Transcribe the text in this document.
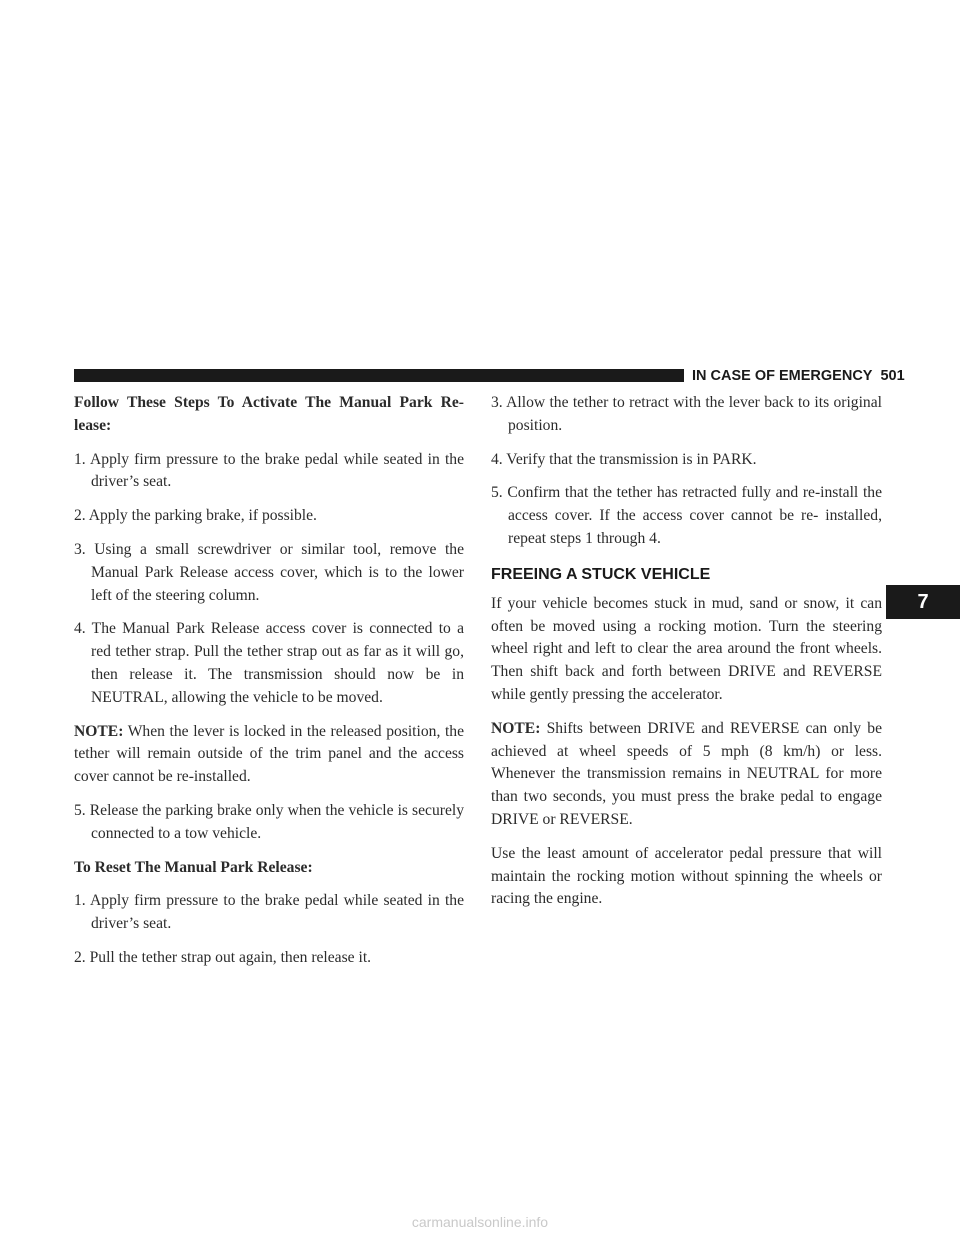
IN CASE OF EMERGENCY 501
7

Follow These Steps To Activate The Manual Park Re- lease:

1. Apply firm pressure to the brake pedal while seated in the driver’s seat.

2. Apply the parking brake, if possible.

3. Using a small screwdriver or similar tool, remove the Manual Park Release access cover, which is to the lower left of the steering column.

4. The Manual Park Release access cover is connected to a red tether strap. Pull the tether strap out as far as it will go, then release it. The transmission should now be in NEUTRAL, allowing the vehicle to be moved.

NOTE: When the lever is locked in the released position, the tether will remain outside of the trim panel and the access cover cannot be re-installed.

5. Release the parking brake only when the vehicle is securely connected to a tow vehicle.

To Reset The Manual Park Release:

1. Apply firm pressure to the brake pedal while seated in the driver’s seat.

2. Pull the tether strap out again, then release it.

3. Allow the tether to retract with the lever back to its original position.

4. Verify that the transmission is in PARK.

5. Confirm that the tether has retracted fully and re-install the access cover. If the access cover cannot be re- installed, repeat steps 1 through 4.

FREEING A STUCK VEHICLE

If your vehicle becomes stuck in mud, sand or snow, it can often be moved using a rocking motion. Turn the steering wheel right and left to clear the area around the front wheels. Then shift back and forth between DRIVE and REVERSE while gently pressing the accelerator.

NOTE: Shifts between DRIVE and REVERSE can only be achieved at wheel speeds of 5 mph (8 km/h) or less. Whenever the transmission remains in NEUTRAL for more than two seconds, you must press the brake pedal to engage DRIVE or REVERSE.

Use the least amount of accelerator pedal pressure that will maintain the rocking motion without spinning the wheels or racing the engine.

carmanualsonline.info
